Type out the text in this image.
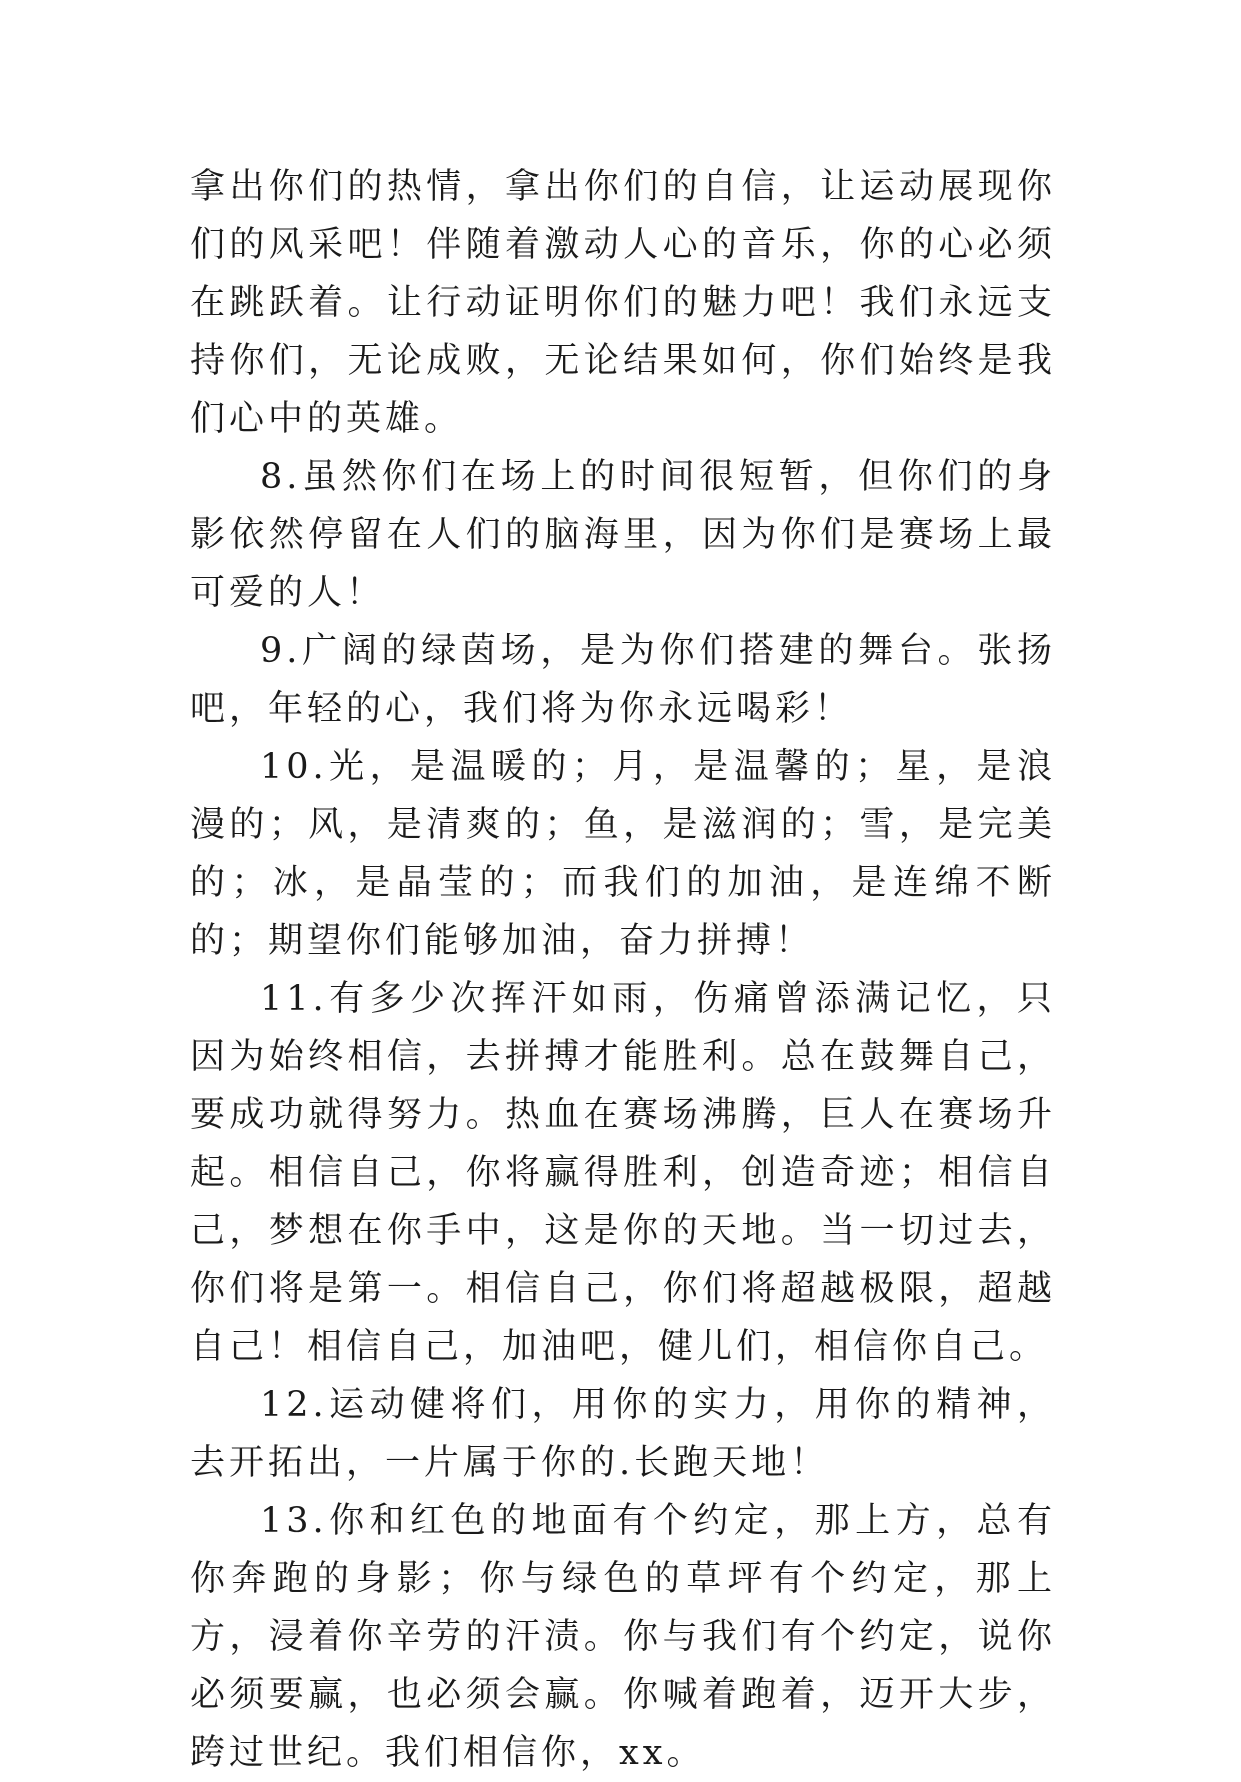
拿出你们的热情，拿出你们的自信，让运动展现你们的风采吧！伴随着激动人心的音乐，你的心必须在跳跃着。让行动证明你们的魅力吧！我们永远支持你们，无论成败，无论结果如何，你们始终是我们心中的英雄。

8.虽然你们在场上的时间很短暂，但你们的身影依然停留在人们的脑海里，因为你们是赛场上最可爱的人！

9.广阔的绿茵场，是为你们搭建的舞台。张扬吧，年轻的心，我们将为你永远喝彩！

10.光，是温暖的；月，是温馨的；星，是浪漫的；风，是清爽的；鱼，是滋润的；雪，是完美的；冰，是晶莹的；而我们的加油，是连绵不断的；期望你们能够加油，奋力拼搏！

11.有多少次挥汗如雨，伤痛曾添满记忆，只因为始终相信，去拼搏才能胜利。总在鼓舞自己，要成功就得努力。热血在赛场沸腾，巨人在赛场升起。相信自己，你将赢得胜利，创造奇迹；相信自己，梦想在你手中，这是你的天地。当一切过去，你们将是第一。相信自己，你们将超越极限，超越自己！相信自己，加油吧，健儿们，相信你自己。

12.运动健将们，用你的实力，用你的精神，去开拓出，一片属于你的.长跑天地！

13.你和红色的地面有个约定，那上方，总有你奔跑的身影；你与绿色的草坪有个约定，那上方，浸着你辛劳的汗渍。你与我们有个约定，说你必须要赢，也必须会赢。你喊着跑着，迈开大步，跨过世纪。我们相信你，xx。
